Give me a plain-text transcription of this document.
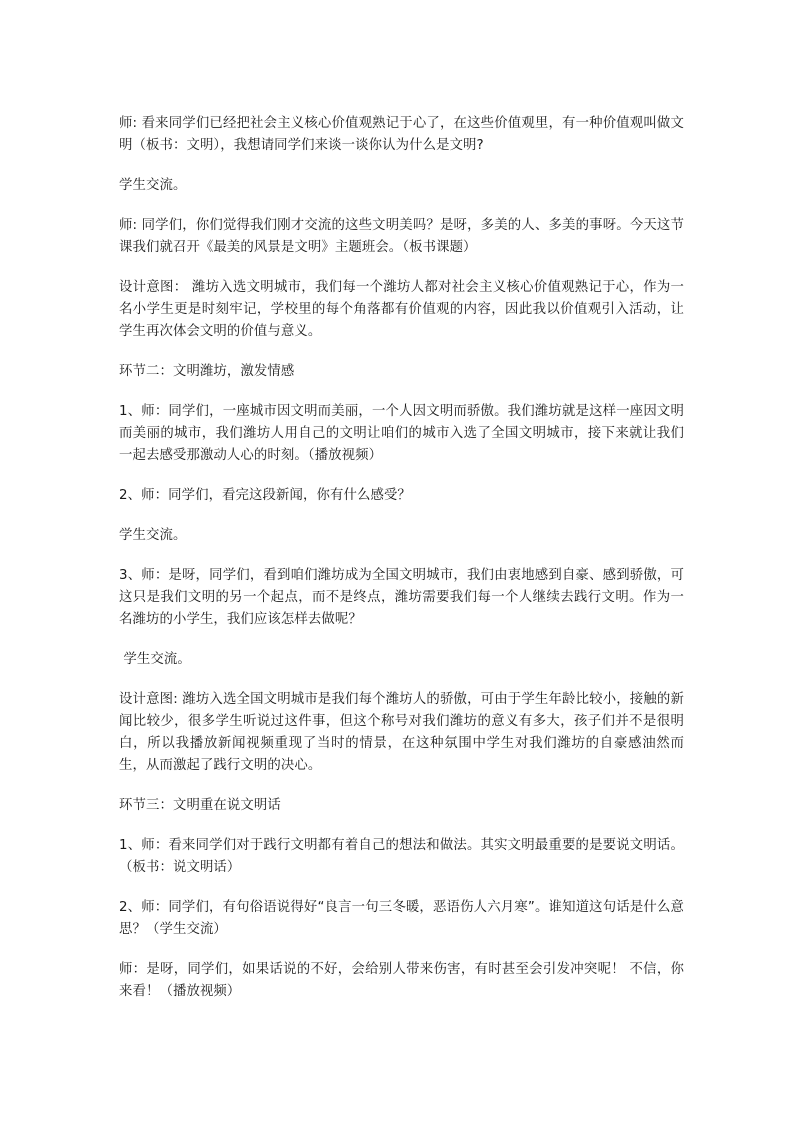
师: 看来同学们已经把社会主义核心价值观熟记于心了，在这些价值观里，有一种价值观叫做文明（板书：文明），我想请同学们来谈一谈你认为什么是文明?

学生交流。

师: 同学们，你们觉得我们刚才交流的这些文明美吗？是呀，多美的人、多美的事呀。今天这节课我们就召开《最美的风景是文明》主题班会。（板书课题）

设计意图： 潍坊入选文明城市，我们每一个潍坊人都对社会主义核心价值观熟记于心，作为一名小学生更是时刻牢记，学校里的每个角落都有价值观的内容，因此我以价值观引入活动，让学生再次体会文明的价值与意义。

环节二：文明潍坊，激发情感

1、师：同学们，一座城市因文明而美丽，一个人因文明而骄傲。我们潍坊就是这样一座因文明而美丽的城市，我们潍坊人用自己的文明让咱们的城市入选了全国文明城市，接下来就让我们一起去感受那激动人心的时刻。（播放视频）

2、师：同学们，看完这段新闻，你有什么感受？

学生交流。

3、师：是呀，同学们，看到咱们潍坊成为全国文明城市，我们由衷地感到自豪、感到骄傲，可这只是我们文明的另一个起点，而不是终点，潍坊需要我们每一个人继续去践行文明。作为一名潍坊的小学生，我们应该怎样去做呢？

学生交流。

设计意图: 潍坊入选全国文明城市是我们每个潍坊人的骄傲，可由于学生年龄比较小，接触的新闻比较少，很多学生听说过这件事，但这个称号对我们潍坊的意义有多大，孩子们并不是很明白，所以我播放新闻视频重现了当时的情景，在这种氛围中学生对我们潍坊的自豪感油然而生，从而激起了践行文明的决心。

环节三：文明重在说文明话

1、师：看来同学们对于践行文明都有着自己的想法和做法。其实文明最重要的是要说文明话。（板书：说文明话）

2、师：同学们，有句俗语说得好“良言一句三冬暖，恶语伤人六月寒”。谁知道这句话是什么意思？（学生交流）

师：是呀，同学们，如果话说的不好，会给别人带来伤害，有时甚至会引发冲突呢！ 不信，你来看！（播放视频）
